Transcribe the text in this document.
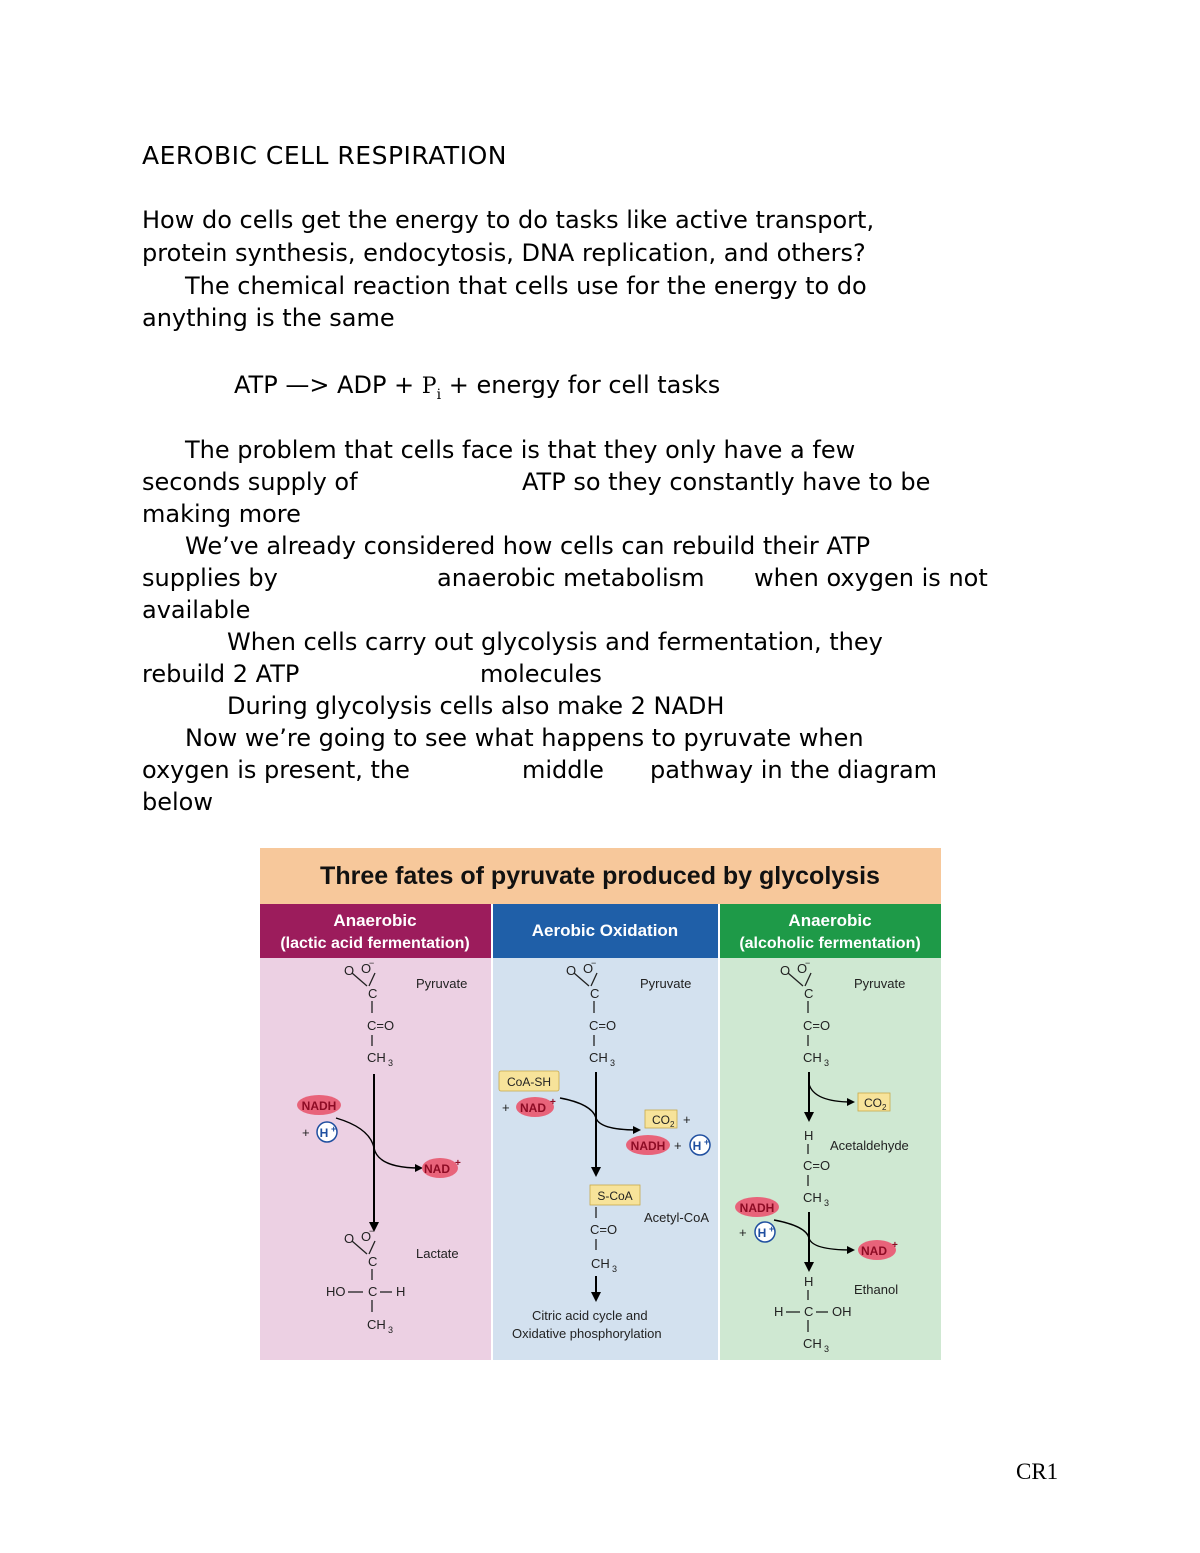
AEROBIC CELL RESPIRATION
How do cells get the energy to do tasks like active transport,
protein synthesis, endocytosis, DNA replication, and others?
The chemical reaction that cells use for the energy to do
anything is the same
ATP —> ADP + $P_i$ + energy for cell tasks
The problem that cells face is that they only have a few
seconds supply of	ATP so they constantly have to be
making more
We’ve already considered how cells can rebuild their ATP
supplies by	anaerobic metabolism when oxygen is not
available
When cells carry out glycolysis and fermentation, they
rebuild 2 ATP	molecules
During glycolysis cells also make 2 NADH
Now we’re going to see what happens to pyruvate when
oxygen is present, the	middle pathway in the diagram
below
Three fates of pyruvate produced by glycolysis
Anaerobic
(lactic acid fermentation)
Aerobic Oxidation
Anaerobic
(alcoholic fermentation)
O O
−
C
C=O
CH 3
Pyruvate
NADH
+ H +
NAD +
O O
−
C
HO C H
CH 3
Lactate
O O
−
C
C=O
CH 3
Pyruvate
CoA-SH
+ NAD +
CO 2 +
NADH + H +
S-CoA
C=O
CH 3
Acetyl-CoA
Citric acid cycle and
Oxidative phosphorylation
O O
−
C
C=O
CH 3
Pyruvate
CO 2
H
C=O
CH 3
Acetaldehyde
NADH
+ H +
NAD +
H
H C OH
CH 3
Ethanol
CR1
